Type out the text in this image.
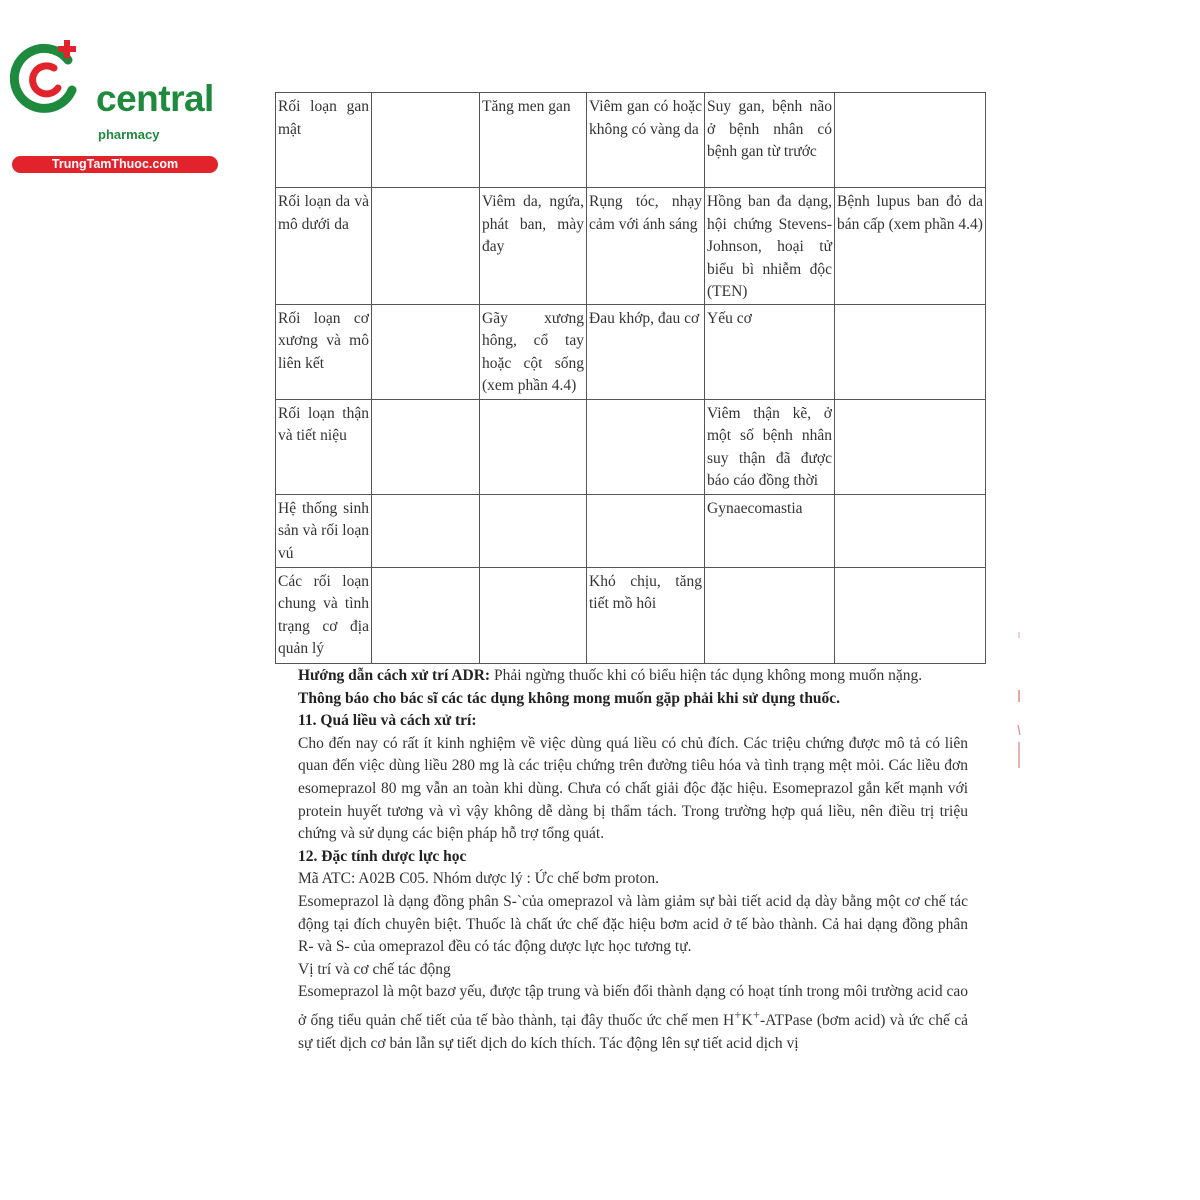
central
pharmacy
TrungTamThuoc.com
Rối loạn gan mật		Tăng men gan	Viêm gan có hoặc không có vàng da	Suy gan, bệnh não ở bệnh nhân có bệnh gan từ trước	
Rối loạn da và mô dưới da		Viêm da, ngứa, phát ban, mày đay	Rụng tóc, nhạy cảm với ánh sáng	Hồng ban đa dạng, hội chứng Stevens-Johnson, hoại tử biểu bì nhiễm độc (TEN)	Bệnh lupus ban đỏ da bán cấp (xem phần 4.4)
Rối loạn cơ xương và mô liên kết		Gãy xương hông, cổ tay hoặc cột sống (xem phần 4.4)	Đau khớp, đau cơ	Yếu cơ	
Rối loạn thận và tiết niệu				Viêm thận kẽ, ở một số bệnh nhân suy thận đã được báo cáo đồng thời	
Hệ thống sinh sản và rối loạn vú				Gynaecomastia	
Các rối loạn chung và tình trạng cơ địa quản lý			Khó chịu, tăng tiết mồ hôi		

Hướng dẫn cách xử trí ADR: Phải ngừng thuốc khi có biểu hiện tác dụng không mong muốn nặng.

Thông báo cho bác sĩ các tác dụng không mong muốn gặp phải khi sử dụng thuốc.

11. Quá liều và cách xử trí:

Cho đến nay có rất ít kinh nghiệm về việc dùng quá liều có chủ đích. Các triệu chứng được mô tả có liên quan đến việc dùng liều 280 mg là các triệu chứng trên đường tiêu hóa và tình trạng mệt mỏi. Các liều đơn esomeprazol 80 mg vẫn an toàn khi dùng. Chưa có chất giải độc đặc hiệu. Esomeprazol gắn kết mạnh với protein huyết tương và vì vậy không dễ dàng bị thẩm tách. Trong trường hợp quá liều, nên điều trị triệu chứng và sử dụng các biện pháp hỗ trợ tổng quát.

12. Đặc tính dược lực học

Mã ATC: A02B C05. Nhóm dược lý : Ức chế bơm proton.

Esomeprazol là dạng đồng phân S-`của omeprazol và làm giảm sự bài tiết acid dạ dày bằng một cơ chế tác động tại đích chuyên biệt. Thuốc là chất ức chế đặc hiệu bơm acid ở tế bào thành. Cả hai dạng đồng phân R- và S- của omeprazol đều có tác động dược lực học tương tự.

Vị trí và cơ chế tác động

Esomeprazol là một bazơ yếu, được tập trung và biến đổi thành dạng có hoạt tính trong môi trường acid cao ở ống tiểu quản chế tiết của tế bào thành, tại đây thuốc ức chế men H+K+-ATPase (bơm acid) và ức chế cả sự tiết dịch cơ bản lẫn sự tiết dịch do kích thích. Tác động lên sự tiết acid dịch vị
